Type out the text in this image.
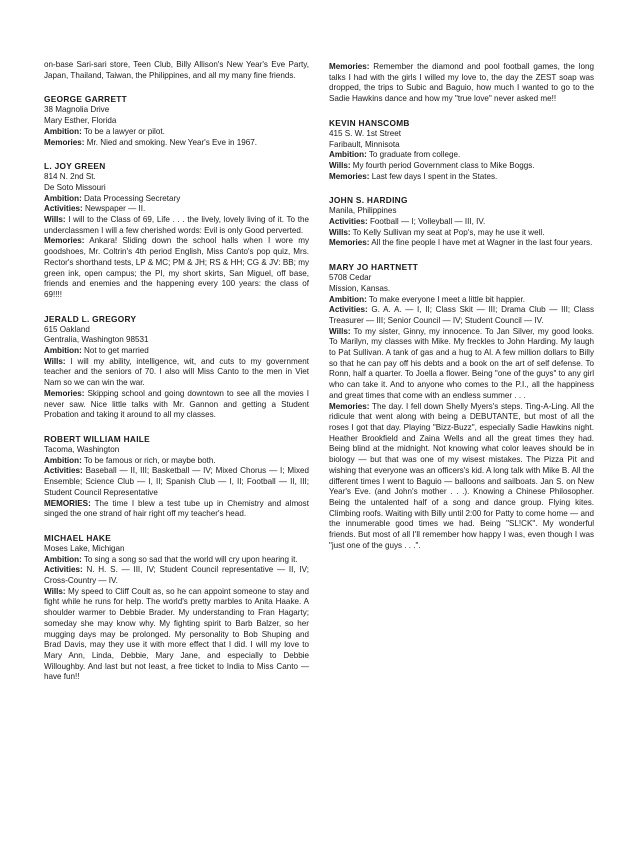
on-base Sari-sari store, Teen Club, Billy Allison's New Year's Eve Party, Japan, Thailand, Taiwan, the Philippines, and all my many fine friends.

GEORGE GARRETT

38 Magnolia Drive

Mary Esther, Florida

Ambition: To be a lawyer or pilot.

Memories: Mr. Nied and smoking. New Year's Eve in 1967.

L. JOY GREEN

814 N. 2nd St.

De Soto Missouri

Ambition: Data Processing Secretary

Activities: Newspaper — II.

Wills: I will to the Class of 69, Life . . . the lively, lovely living of it. To the underclassmen I will a few cherished words: Evil is only Good perverted.

Memories: Ankara! Sliding down the school halls when I wore my goodshoes, Mr. Coltrin's 4th period English, Miss Canto's pop quiz, Mrs. Rector's shorthand tests, LP & MC; PM & JH; RS & HH; CG & JV: BB; my green ink, open campus; the PI, my short skirts, San Miguel, off base, friends and enemies and the happening every 100 years: the class of 69!!!!

JERALD L. GREGORY

615 Oakland

Gentralia, Washington 98531

Ambition: Not to get married

Wills: I will my ability, intelligence, wit, and cuts to my government teacher and the seniors of 70. I also will Miss Canto to the men in Viet Nam so we can win the war.

Memories: Skipping school and going downtown to see all the movies I never saw. Nice little talks with Mr. Gannon and getting a Student Probation and taking it around to all my classes.

ROBERT WILLIAM HAILE

Tacoma, Washington

Ambition: To be famous or rich, or maybe both.

Activities: Baseball — II, III; Basketball — IV; Mixed Chorus — I; Mixed Ensemble; Science Club — I, II; Spanish Club — I, II; Football — II, III; Student Council Representative

MEMORIES: The time I blew a test tube up in Chemistry and almost singed the one strand of hair right off my teacher's head.

MICHAEL HAKE

Moses Lake, Michigan

Ambition: To sing a song so sad that the world will cry upon hearing it.

Activities: N. H. S. — III, IV; Student Council representative — II, IV; Cross-Country — IV.

Wills: My speed to Cliff Coult as, so he can appoint someone to stay and fight while he runs for help. The world's pretty marbles to Anita Haake. A shoulder warmer to Debbie Brader. My understanding to Fran Hagarty; someday she may know why. My fighting spirit to Barb Balzer, so her mugging days may be prolonged. My personality to Bob Shuping and Brad Davis, may they use it with more effect that I did. I will my love to Mary Ann, Linda, Debbie, Mary Jane, and especially to Debbie Willoughby. And last but not least, a free ticket to India to Miss Canto — have fun!!

Memories: Remember the diamond and pool football games, the long talks I had with the girls I willed my love to, the day the ZEST soap was dropped, the trips to Subic and Baguio, how much I wanted to go to the Sadie Hawkins dance and how my "true love" never asked me!!

KEVIN HANSCOMB

415 S. W. 1st Street

Faribault, Minnisota

Ambition: To graduate from college.

Wills: My fourth period Government class to Mike Boggs.

Memories: Last few days I spent in the States.

JOHN S. HARDING

Manila, Philippines

Activities: Football — I; Volleyball — III, IV.

Wills: To Kelly Sullivan my seat at Pop's, may he use it well.

Memories: All the fine people I have met at Wagner in the last four years.

MARY JO HARTNETT

5708 Cedar

Mission, Kansas.

Ambition: To make everyone I meet a little bit happier.

Activities: G. A. A. — I, II; Class Skit — III; Drama Club — III; Class Treasurer — III; Senior Council — IV; Student Council — IV.

Wills: To my sister, Ginny, my innocence. To Jan Silver, my good looks. To Marilyn, my classes with Mike. My freckles to John Harding. My laugh to Pat Sullivan. A tank of gas and a hug to Al. A few million dollars to Billy so that he can pay off his debts and a book on the art of self defense. To Ronn, half a quarter. To Joella a flower. Being "one of the guys" to any girl who can take it. And to anyone who comes to the P.I., all the happiness and great times that come with an endless summer . . .

Memories: The day. I fell down Shelly Myers's steps. Ting-A-Ling. All the ridicule that went along with being a DEBUTANTE, but most of all the roses I got that day. Playing "Bizz-Buzz", especially Sadie Hawkins night. Heather Brookfield and Zaina Wells and all the great times they had. Being blind at the midnight. Not knowing what color leaves should be in biology — but that was one of my wisest mistakes. The Pizza Pit and wishing that everyone was an officers's kid. A long talk with Mike B. All the different times I went to Baguio — balloons and sailboats. Jan S. on New Year's Eve. (and John's mother . . .). Knowing a Chinese Philosopher. Being the untalented half of a song and dance group. Flying kites. Climbing roofs. Waiting with Billy until 2:00 for Patty to come home — and the innumerable good times we had. Being "SL!CK". My wonderful friends. But most of all I'll remember how happy I was, even though I was "just one of the guys . . .".
